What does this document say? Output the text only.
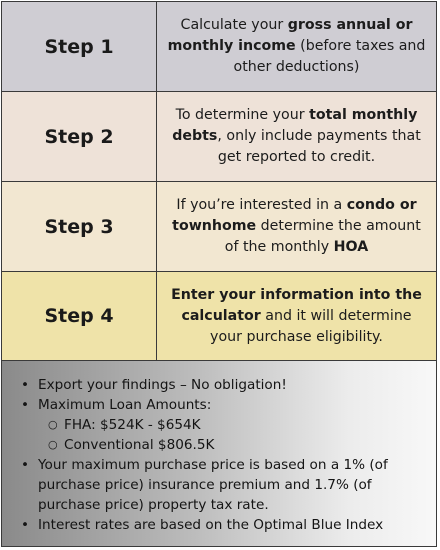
Step 1
Calculate your gross annual or monthly income (before taxes and other deductions)
Step 2
To determine your total monthly debts, only include payments that get reported to credit.
Step 3
If you’re interested in a condo or townhome determine the amount of the monthly HOA
Step 4
Enter your information into the calculator and it will determine your purchase eligibility.
• Export your findings – No obligation!
• Maximum Loan Amounts:
○ FHA: $524K - $654K
○ Conventional $806.5K
• Your maximum purchase price is based on a 1% (of purchase price) insurance premium and 1.7% (of purchase price) property tax rate.
• Interest rates are based on the Optimal Blue Index
